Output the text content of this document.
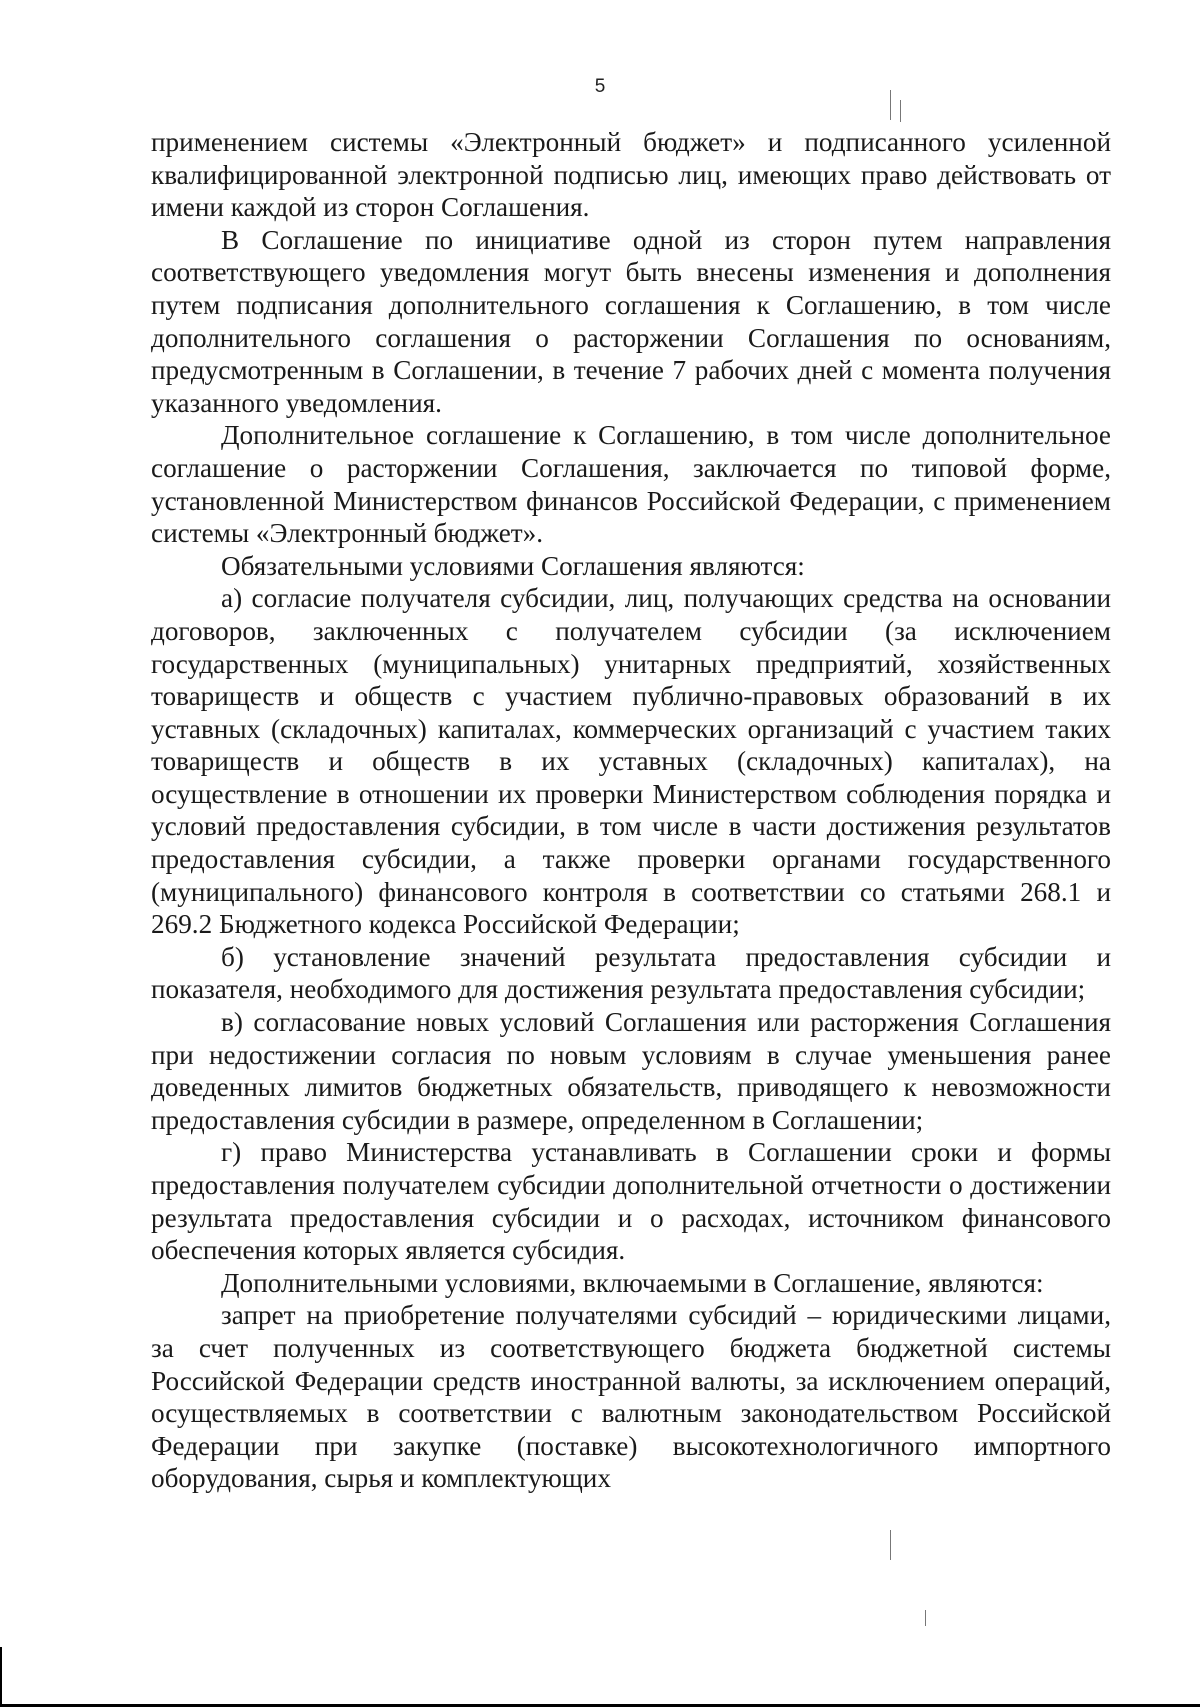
5

применением системы «Электронный бюджет» и подписанного усиленной квалифицированной электронной подписью лиц, имеющих право действовать от имени каждой из сторон Соглашения.

В Соглашение по инициативе одной из сторон путем направления соответствующего уведомления могут быть внесены изменения и дополнения путем подписания дополнительного соглашения к Соглашению, в том числе дополнительного соглашения о расторжении Соглашения по основаниям, предусмотренным в Соглашении, в течение 7 рабочих дней с момента получения указанного уведомления.

Дополнительное соглашение к Соглашению, в том числе дополнительное соглашение о расторжении Соглашения, заключается по типовой форме, установленной Министерством финансов Российской Федерации, с применением системы «Электронный бюджет».

Обязательными условиями Соглашения являются:

а) согласие получателя субсидии, лиц, получающих средства на основании договоров, заключенных с получателем субсидии (за исключением государственных (муниципальных) унитарных предприятий, хозяйственных товариществ и обществ с участием публично-правовых образований в их уставных (складочных) капиталах, коммерческих организаций с участием таких товариществ и обществ в их уставных (складочных) капиталах), на осуществление в отношении их проверки Министерством соблюдения порядка и условий предоставления субсидии, в том числе в части достижения результатов предоставления субсидии, а также проверки органами государственного (муниципального) финансового контроля в соответствии со статьями 268.1 и 269.2 Бюджетного кодекса Российской Федерации;

б) установление значений результата предоставления субсидии и показателя, необходимого для достижения результата предоставления субсидии;

в) согласование новых условий Соглашения или расторжения Соглашения при недостижении согласия по новым условиям в случае уменьшения ранее доведенных лимитов бюджетных обязательств, приводящего к невозможности предоставления субсидии в размере, определенном в Соглашении;

г) право Министерства устанавливать в Соглашении сроки и формы предоставления получателем субсидии дополнительной отчетности о достижении результата предоставления субсидии и о расходах, источником финансового обеспечения которых является субсидия.

Дополнительными условиями, включаемыми в Соглашение, являются:

запрет на приобретение получателями субсидий – юридическими лицами, за счет полученных из соответствующего бюджета бюджетной системы Российской Федерации средств иностранной валюты, за исключением операций, осуществляемых в соответствии с валютным законодательством Российской Федерации при закупке (поставке) высокотехнологичного импортного оборудования, сырья и комплектующих
